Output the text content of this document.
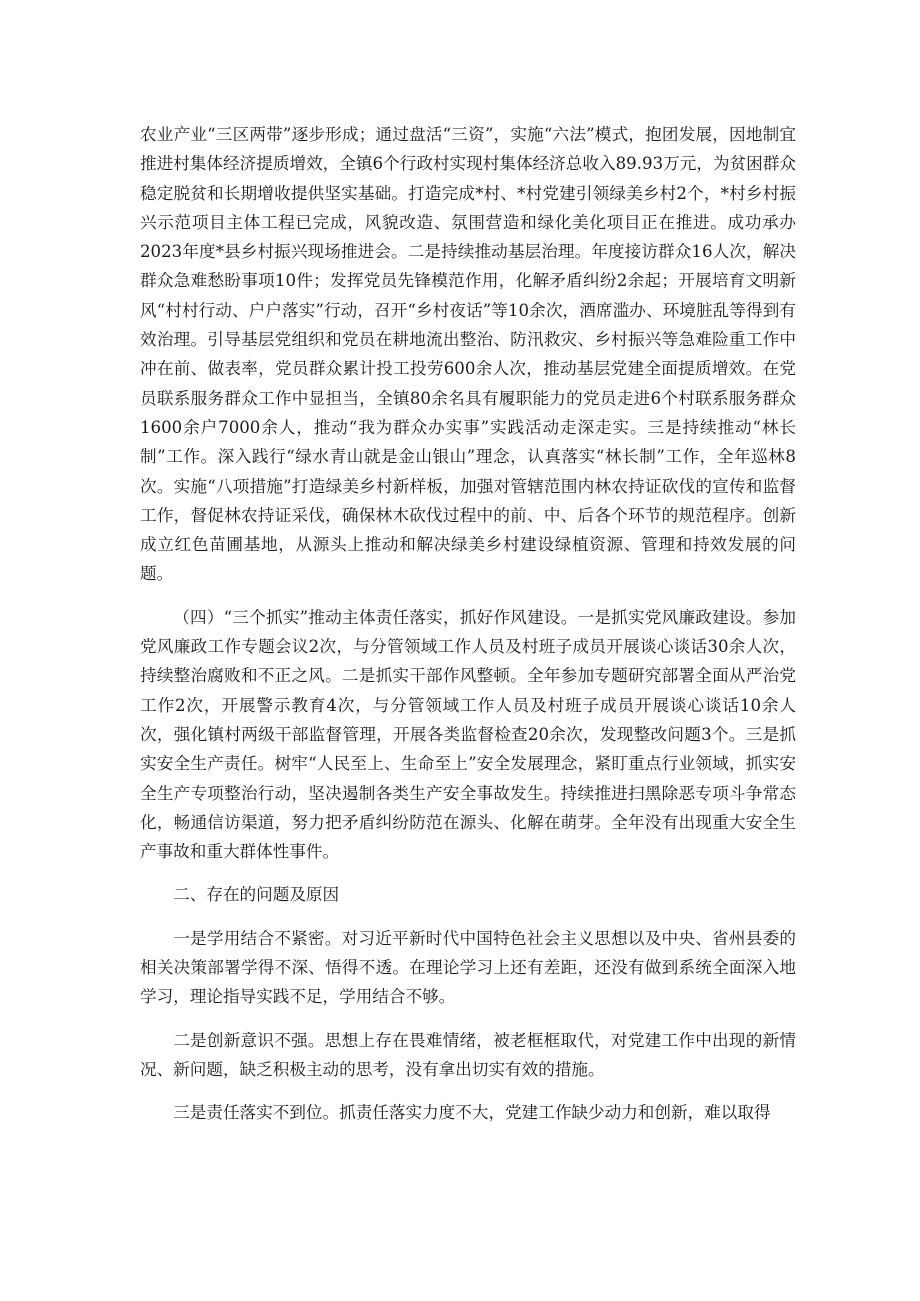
农业产业“三区两带”逐步形成；通过盘活“三资”，实施“六法”模式，抱团发展，因地制宜推进村集体经济提质增效，全镇6个行政村实现村集体经济总收入89.93万元，为贫困群众稳定脱贫和长期增收提供坚实基础。打造完成*村、*村党建引领绿美乡村2个，*村乡村振兴示范项目主体工程已完成，风貌改造、氛围营造和绿化美化项目正在推进。成功承办2023年度*县乡村振兴现场推进会。二是持续推动基层治理。年度接访群众16人次，解决群众急难愁盼事项10件；发挥党员先锋模范作用，化解矛盾纠纷2余起；开展培育文明新风“村村行动、户户落实”行动，召开“乡村夜话”等10余次，酒席滥办、环境脏乱等得到有效治理。引导基层党组织和党员在耕地流出整治、防汛救灾、乡村振兴等急难险重工作中冲在前、做表率，党员群众累计投工投劳600余人次，推动基层党建全面提质增效。在党员联系服务群众工作中显担当，全镇80余名具有履职能力的党员走进6个村联系服务群众1600余户7000余人，推动“我为群众办实事”实践活动走深走实。三是持续推动“林长制”工作。深入践行“绿水青山就是金山银山”理念，认真落实“林长制”工作，全年巡林8次。实施“八项措施”打造绿美乡村新样板，加强对管辖范围内林农持证砍伐的宣传和监督工作，督促林农持证采伐，确保林木砍伐过程中的前、中、后各个环节的规范程序。创新成立红色苗圃基地，从源头上推动和解决绿美乡村建设绿植资源、管理和持效发展的问题。

（四）“三个抓实”推动主体责任落实，抓好作风建设。一是抓实党风廉政建设。参加党风廉政工作专题会议2次，与分管领域工作人员及村班子成员开展谈心谈话30余人次，持续整治腐败和不正之风。二是抓实干部作风整顿。全年参加专题研究部署全面从严治党工作2次，开展警示教育4次，与分管领域工作人员及村班子成员开展谈心谈话10余人次，强化镇村两级干部监督管理，开展各类监督检查20余次，发现整改问题3个。三是抓实安全生产责任。树牢“人民至上、生命至上”安全发展理念，紧盯重点行业领域，抓实安全生产专项整治行动，坚决遏制各类生产安全事故发生。持续推进扫黑除恶专项斗争常态化，畅通信访渠道，努力把矛盾纠纷防范在源头、化解在萌芽。全年没有出现重大安全生产事故和重大群体性事件。

二、存在的问题及原因

一是学用结合不紧密。对习近平新时代中国特色社会主义思想以及中央、省州县委的相关决策部署学得不深、悟得不透。在理论学习上还有差距，还没有做到系统全面深入地学习，理论指导实践不足，学用结合不够。

二是创新意识不强。思想上存在畏难情绪，被老框框取代，对党建工作中出现的新情况、新问题，缺乏积极主动的思考，没有拿出切实有效的措施。

三是责任落实不到位。抓责任落实力度不大，党建工作缺少动力和创新，难以取得
